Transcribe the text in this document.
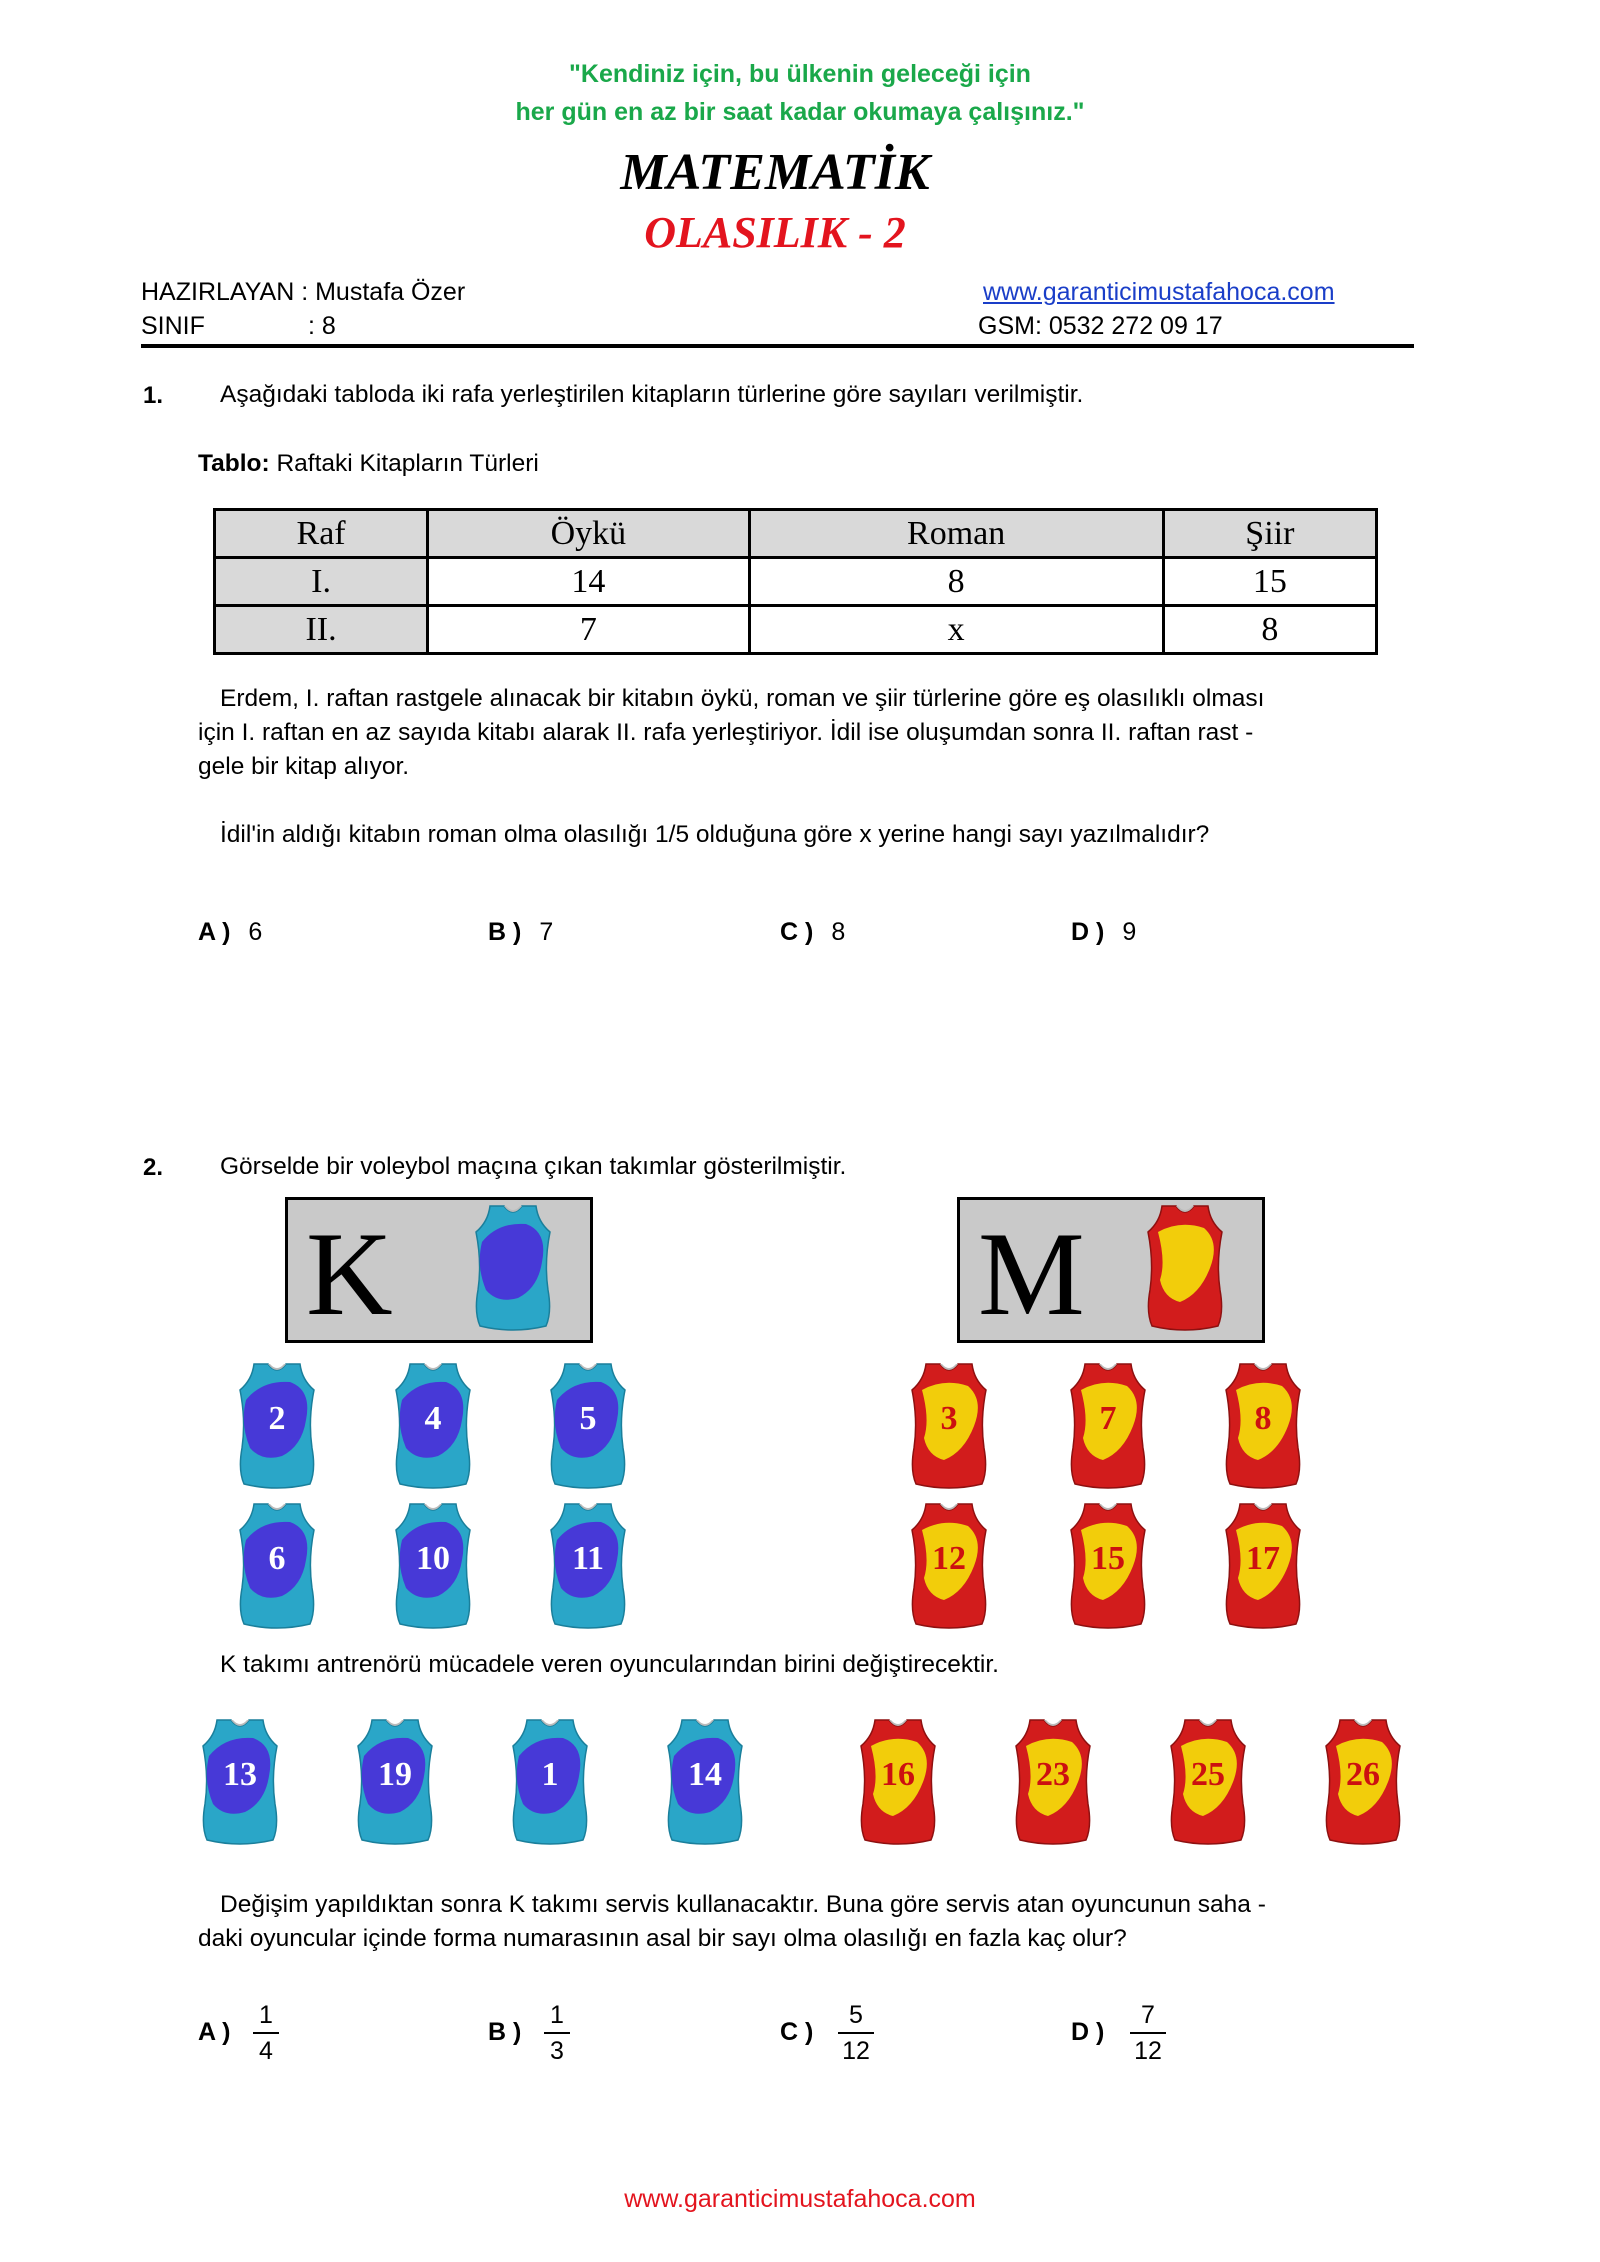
"Kendiniz için, bu ülkenin geleceği için
her gün en az bir saat kadar okumaya çalışınız."
MATEMATİK
OLASILIK - 2
HAZIRLAYAN : Mustafa Özer
SINIF	: 8
www.garanticimustafahoca.com
GSM: 0532 272 09 17
1. Aşağıdaki tabloda iki rafa yerleştirilen kitapların türlerine göre sayıları verilmiştir.
Tablo: Raftaki Kitapların Türleri
Raf	Öykü	Roman	Şiir
I.	14	8	15
II.	7	x	8
Erdem, I. raftan rastgele alınacak bir kitabın öykü, roman ve şiir türlerine göre eş olasılıklı olması
için I. raftan en az sayıda kitabı alarak II. rafa yerleştiriyor. İdil ise oluşumdan sonra II. raftan rast -
gele bir kitap alıyor.
İdil'in aldığı kitabın roman olma olasılığı 1/5 olduğuna göre x yerine hangi sayı yazılmalıdır?
A ) 6	B ) 7	C ) 8	D ) 9
2. Görselde bir voleybol maçına çıkan takımlar gösterilmiştir.
K	M
2	4	5
6	10	11
3	7	8
12	15	17
K takımı antrenörü mücadele veren oyuncularından birini değiştirecektir.
13	19	1	14	16	23	25	26
Değişim yapıldıktan sonra K takımı servis kullanacaktır. Buna göre servis atan oyuncunun saha -
daki oyuncular içinde forma numarasının asal bir sayı olma olasılığı en fazla kaç olur?
A )
1
4
B )
1
3
C )
5
12
D )
7
12
www.garanticimustafahoca.com
